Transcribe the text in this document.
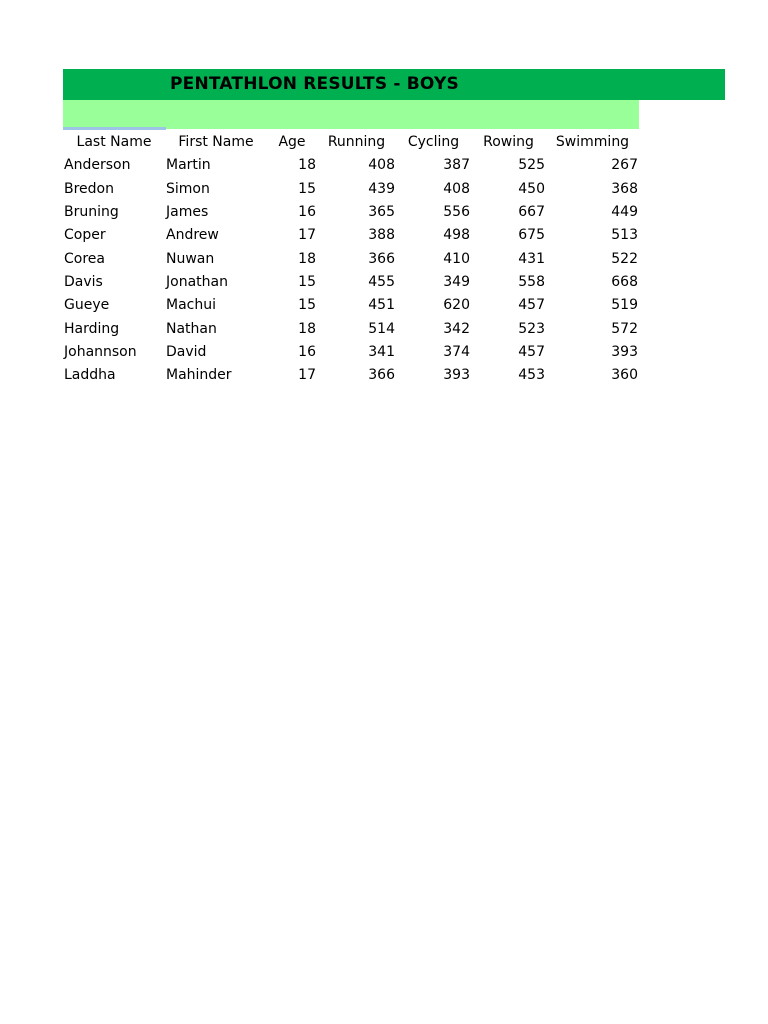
PENTATHLON RESULTS - BOYS
Last Name	First Name	Age	Running	Cycling	Rowing	Swimming
Anderson	Martin	18	408	387	525	267
Bredon	Simon	15	439	408	450	368
Bruning	James	16	365	556	667	449
Coper	Andrew	17	388	498	675	513
Corea	Nuwan	18	366	410	431	522
Davis	Jonathan	15	455	349	558	668
Gueye	Machui	15	451	620	457	519
Harding	Nathan	18	514	342	523	572
Johannson	David	16	341	374	457	393
Laddha	Mahinder	17	366	393	453	360
